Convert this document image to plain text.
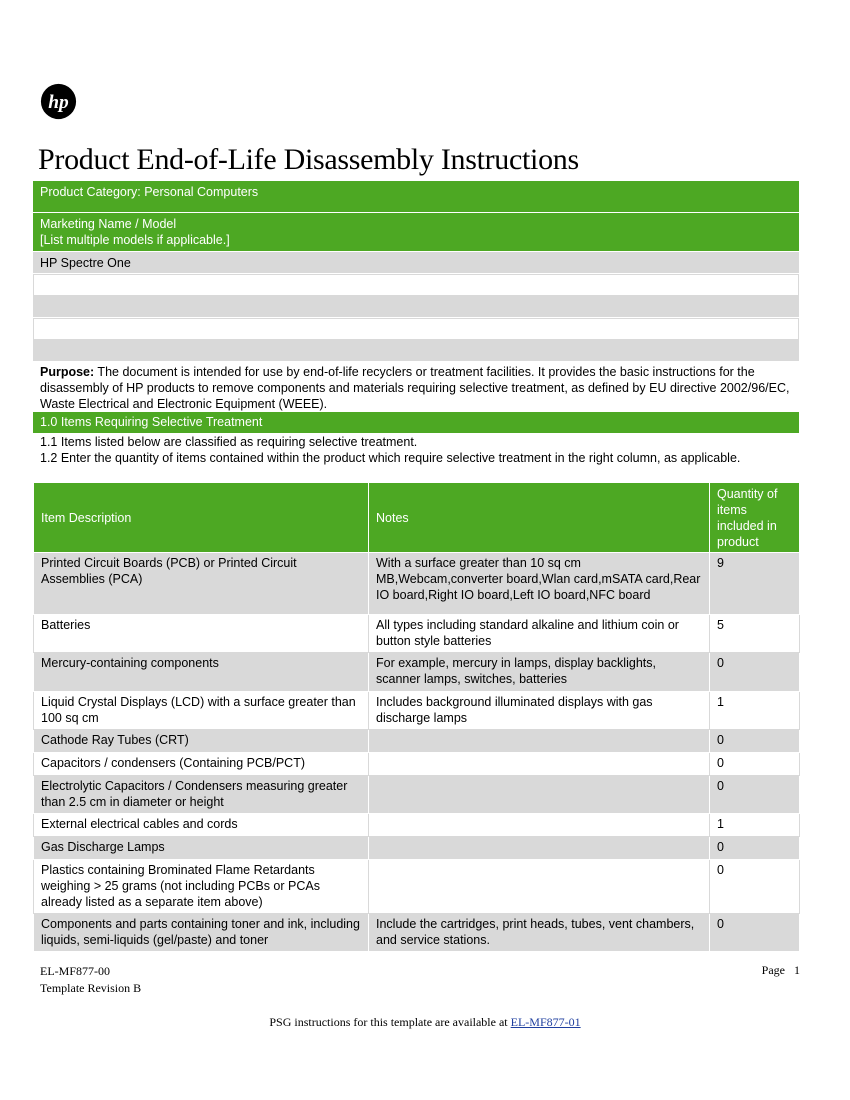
hp
Product End-of-Life Disassembly Instructions
Product Category: Personal Computers
Marketing Name / Model
[List multiple models if applicable.]
HP Spectre One
Purpose: The document is intended for use by end-of-life recyclers or treatment facilities. It provides the basic instructions for the disassembly of HP products to remove components and materials requiring selective treatment, as defined by EU directive 2002/96/EC, Waste Electrical and Electronic Equipment (WEEE).
1.0 Items Requiring Selective Treatment
1.1 Items listed below are classified as requiring selective treatment.
1.2 Enter the quantity of items contained within the product which require selective treatment in the right column, as applicable.
Item Description	Notes	Quantity of items included in product
Printed Circuit Boards (PCB) or Printed Circuit Assemblies (PCA)	With a surface greater than 10 sq cm MB,Webcam,converter board,Wlan card,mSATA card,Rear IO board,Right IO board,Left IO board,NFC board	9
Batteries	All types including standard alkaline and lithium coin or button style batteries	5
Mercury-containing components	For example, mercury in lamps, display backlights, scanner lamps, switches, batteries	0
Liquid Crystal Displays (LCD) with a surface greater than 100 sq cm	Includes background illuminated displays with gas discharge lamps	1
Cathode Ray Tubes (CRT)		0
Capacitors / condensers (Containing PCB/PCT)		0
Electrolytic Capacitors / Condensers measuring greater than 2.5 cm in diameter or height		0
External electrical cables and cords		1
Gas Discharge Lamps		0
Plastics containing Brominated Flame Retardants weighing > 25 grams (not including PCBs or PCAs already listed as a separate item above)		0
Components and parts containing toner and ink, including liquids, semi-liquids (gel/paste) and toner	Include the cartridges, print heads, tubes, vent chambers, and service stations.	0
EL-MF877-00
Template Revision B
Page 1
PSG instructions for this template are available at EL-MF877-01
